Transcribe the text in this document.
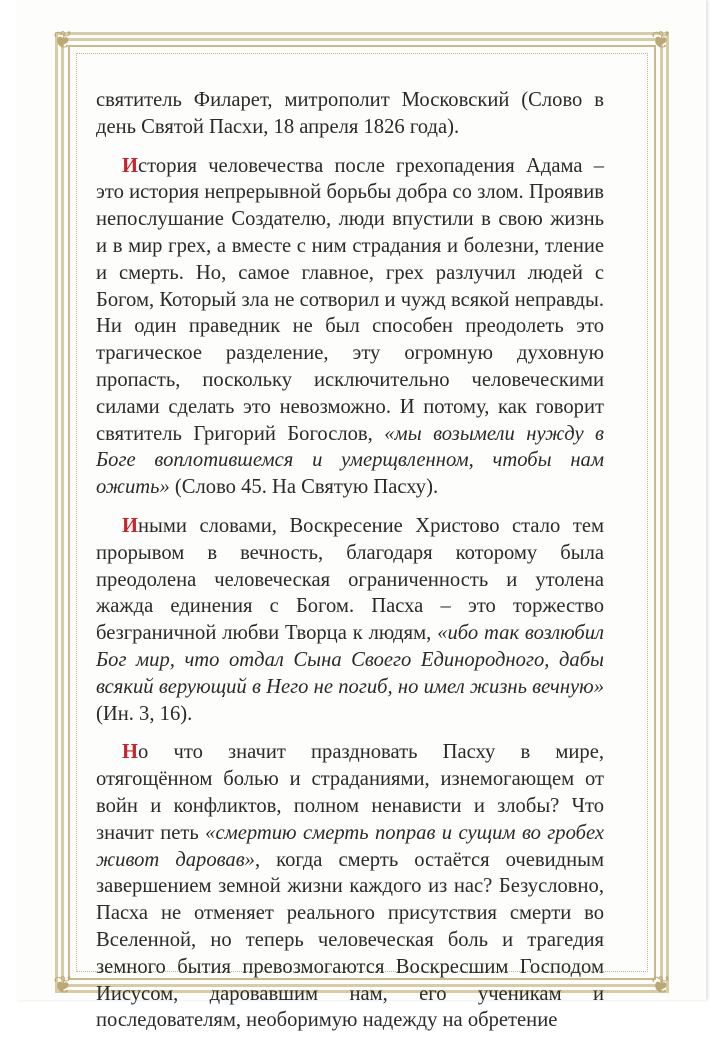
❦	❦
❦	❦

святитель Филарет, митрополит Московский (Слово в день Святой Пасхи, 18 апреля 1826 года).

История человечества после грехопадения Адама – это история непрерывной борьбы добра со злом. Проявив непослушание Создателю, люди впустили в свою жизнь и в мир грех, а вместе с ним страдания и болезни, тление и смерть. Но, самое главное, грех разлучил людей с Богом, Который зла не сотворил и чужд всякой неправды. Ни один праведник не был способен преодолеть это трагическое разделение, эту огромную духовную пропасть, поскольку исключительно человеческими силами сделать это невозможно. И потому, как говорит святитель Григорий Богослов, «мы возымели нужду в Боге воплотившемся и умерщвленном, чтобы нам ожить» (Слово 45. На Святую Пасху).

Иными словами, Воскресение Христово стало тем прорывом в вечность, благодаря которому была преодолена человеческая ограниченность и утолена жажда единения с Богом. Пасха – это торжество безграничной любви Творца к людям, «ибо так возлюбил Бог мир, что отдал Сына Своего Единородного, дабы всякий верующий в Него не погиб, но имел жизнь вечную» (Ин. 3, 16).

Но что значит праздновать Пасху в мире, отягощённом болью и страданиями, изнемогающем от войн и конфликтов, полном ненависти и злобы? Что значит петь «смертию смерть поправ и сущим во гробех живот даровав», когда смерть остаётся очевидным завершением земной жизни каждого из нас? Безусловно, Пасха не отменяет реального присутствия смерти во Вселенной, но теперь человеческая боль и трагедия земного бытия превозмогаются Воскресшим Господом Иисусом, даровавшим нам, его ученикам и последователям, необоримую надежду на обретение
